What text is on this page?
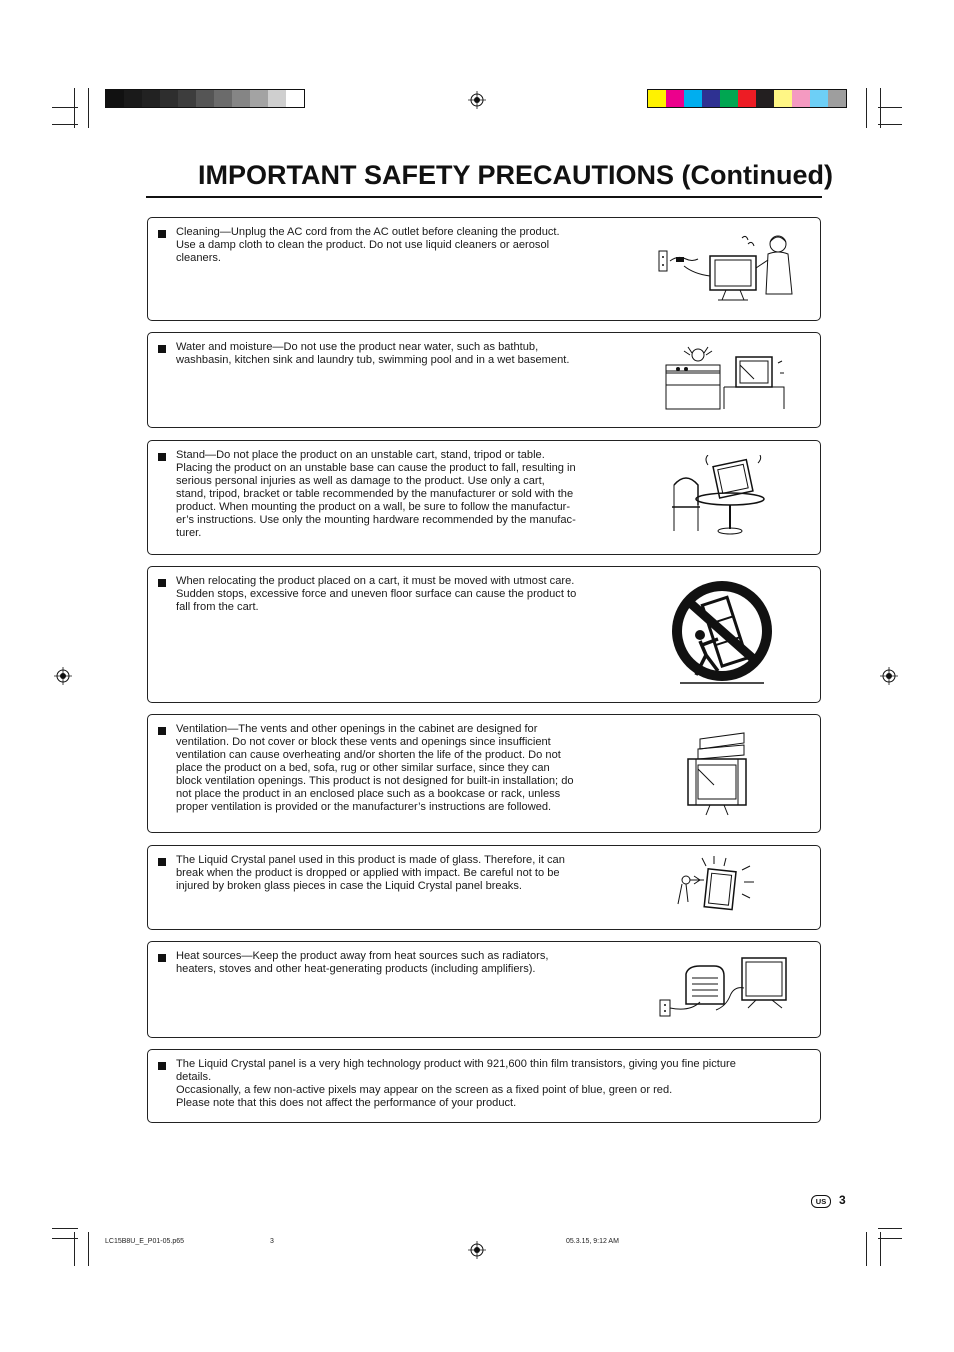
IMPORTANT SAFETY PRECAUTIONS (Continued)
Cleaning—Unplug the AC cord from the AC outlet before cleaning the product.
Use a damp cloth to clean the product. Do not use liquid cleaners or aerosol
cleaners.
Water and moisture—Do not use the product near water, such as bathtub,
washbasin, kitchen sink and laundry tub, swimming pool and in a wet basement.
Stand—Do not place the product on an unstable cart, stand, tripod or table.
Placing the product on an unstable base can cause the product to fall, resulting in
serious personal injuries as well as damage to the product. Use only a cart,
stand, tripod, bracket or table recommended by the manufacturer or sold with the
product. When mounting the product on a wall, be sure to follow the manufactur-
er’s instructions. Use only the mounting hardware recommended by the manufac-
turer.
When relocating the product placed on a cart, it must be moved with utmost care.
Sudden stops, excessive force and uneven floor surface can cause the product to
fall from the cart.
Ventilation—The vents and other openings in the cabinet are designed for
ventilation. Do not cover or block these vents and openings since insufficient
ventilation can cause overheating and/or shorten the life of the product. Do not
place the product on a bed, sofa, rug or other similar surface, since they can
block ventilation openings. This product is not designed for built-in installation; do
not place the product in an enclosed place such as a bookcase or rack, unless
proper ventilation is provided or the manufacturer’s instructions are followed.
The Liquid Crystal panel used in this product is made of glass. Therefore, it can
break when the product is dropped or applied with impact. Be careful not to be
injured by broken glass pieces in case the Liquid Crystal panel breaks.
Heat sources—Keep the product away from heat sources such as radiators,
heaters, stoves and other heat-generating products (including amplifiers).
The Liquid Crystal panel is a very high technology product with 921,600 thin film transistors, giving you fine picture
details.
Occasionally, a few non-active pixels may appear on the screen as a fixed point of blue, green or red.
Please note that this does not affect the performance of your product.
US	3
LC15B8U_E_P01-05.p65	3	05.3.15, 9:12 AM
